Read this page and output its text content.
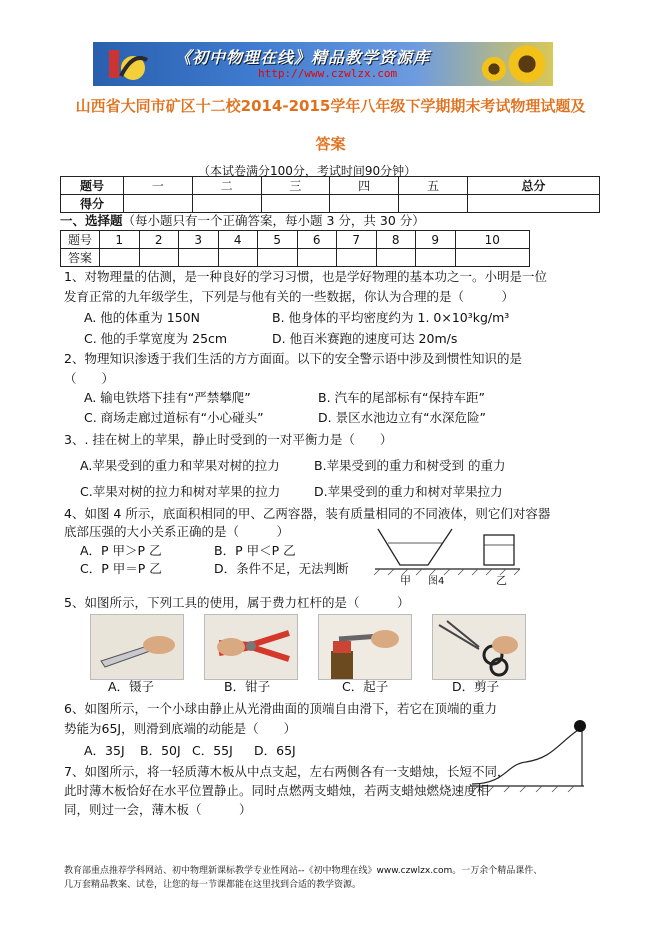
《初中物理在线》精品教学资源库
http://www.czwlzx.com
山西省大同市矿区十二校2014-2015学年八年级下学期期末考试物理试题及
答案
（本试卷满分100分，考试时间90分钟）
题号	一	二	三	四	五	总分
得分						
一、选择题（每小题只有一个正确答案，每小题 3 分，共 30 分）
题号	1	2	3	4	5	6	7	8	9	10
答案										
1、对物理量的估测，是一种良好的学习习惯，也是学好物理的基本功之一。小明是一位
发育正常的九年级学生，下列是与他有关的一些数据，你认为合理的是（　　　）
A. 他的体重为 150N	B. 他身体的平均密度约为 1. 0×10³kg/m³
C. 他的手掌宽度为 25cm	D. 他百米赛跑的速度可达 20m/s
2、物理知识渗透于我们生活的方方面面。以下的安全警示语中涉及到惯性知识的是
（　　）
A. 输电铁塔下挂有“严禁攀爬”	B. 汽车的尾部标有“保持车距”
C. 商场走廊过道标有“小心碰头”	D. 景区水池边立有“水深危险”
3、. 挂在树上的苹果，静止时受到的一对平衡力是（　　）
A.苹果受到的重力和苹果对树的拉力	B.苹果受到的重力和树受到 的重力
C.苹果对树的拉力和树对苹果的拉力	D.苹果受到的重力和树对苹果拉力
4、如图 4 所示，底面积相同的甲、乙两容器，装有质量相同的不同液体，则它们对容器
底部压强的大小关系正确的是（　　　）
A．P 甲＞P 乙	B．P 甲＜P 乙
C．P 甲＝P 乙	D．条件不足，无法判断
甲 图4	乙
5、如图所示，下列工具的使用，属于费力杠杆的是（　　　）
A．镊子	B．钳子	C．起子	D．剪子
6、如图所示，一个小球由静止从光滑曲面的顶端自由滑下，若它在顶端的重力
势能为65J，则滑到底端的动能是（　　）
A．35J B．50J C．55J D．65J
7、如图所示，将一轻质薄木板从中点支起，左右两侧各有一支蜡烛，长短不同，
此时薄木板恰好在水平位置静止。同时点燃两支蜡烛，若两支蜡烛燃烧速度相
同，则过一会，薄木板（　　　）
教育部重点推荐学科网站、初中物理新课标教学专业性网站--《初中物理在线》www.czwlzx.com。一万余个精品课件、
几万套精品教案、试卷，让您的每一节课都能在这里找到合适的教学资源。
